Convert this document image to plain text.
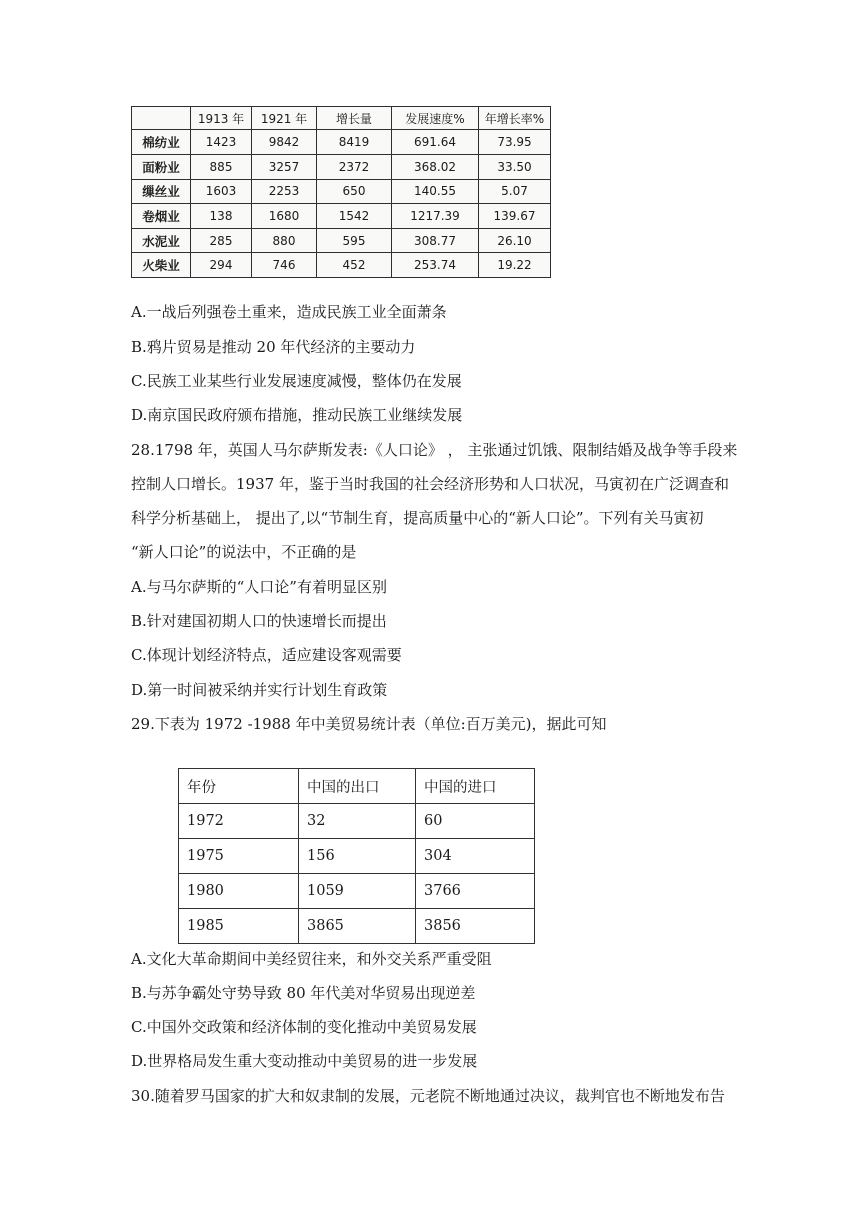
	1913 年	1921 年	增长量	发展速度%	年增长率%
棉纺业	1423	9842	8419	691.64	73.95
面粉业	885	3257	2372	368.02	33.50
缫丝业	1603	2253	650	140.55	5.07
卷烟业	138	1680	1542	1217.39	139.67
水泥业	285	880	595	308.77	26.10
火柴业	294	746	452	253.74	19.22
A.一战后列强卷土重来，造成民族工业全面萧条
B.鸦片贸易是推动 20 年代经济的主要动力
C.民族工业某些行业发展速度减慢，整体仍在发展
D.南京国民政府颁布措施，推动民族工业继续发展
28.1798 年，英国人马尔萨斯发表:《人口论》 ， 主张通过饥饿、限制结婚及战争等手段来
控制人口增长。1937 年，鉴于当时我国的社会经济形势和人口状况，马寅初在广泛调查和
科学分析基础上， 提出了,以“节制生育，提高质量中心的“新人口论”。下列有关马寅初
“新人口论”的说法中，不正确的是
A.与马尔萨斯的“人口论”有着明显区别
B.针对建国初期人口的快速增长而提出
C.体现计划经济特点，适应建设客观需要
D.第一时间被采纳并实行计划生育政策
29.下表为 1972 -1988 年中美贸易统计表（单位:百万美元)，据此可知
年份	中国的出口	中国的进口
1972	32	60
1975	156	304
1980	1059	3766
1985	3865	3856
A.文化大革命期间中美经贸往来，和外交关系严重受阻
B.与苏争霸处守势导致 80 年代美对华贸易出现逆差
C.中国外交政策和经济体制的变化推动中美贸易发展
D.世界格局发生重大变动推动中美贸易的进一步发展
30.随着罗马国家的扩大和奴隶制的发展，元老院不断地通过决议，裁判官也不断地发布告
